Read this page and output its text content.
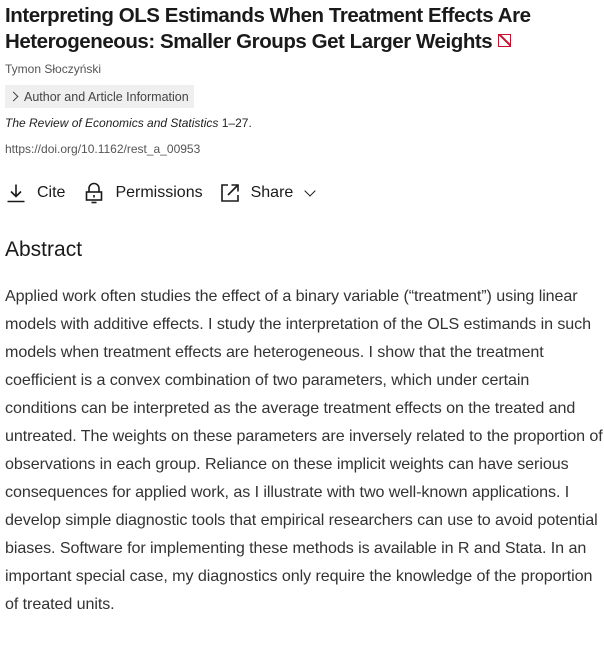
Interpreting OLS Estimands When Treatment Effects Are Heterogeneous: Smaller Groups Get Larger Weights
Tymon Słoczyński
Author and Article Information
The Review of Economics and Statistics 1–27.
https://doi.org/10.1162/rest_a_00953
Cite	Permissions	Share
Abstract

Applied work often studies the effect of a binary variable (“treatment”) using linear models with additive effects. I study the interpretation of the OLS estimands in such models when treatment effects are heterogeneous. I show that the treatment coefficient is a convex combination of two parameters, which under certain conditions can be interpreted as the average treatment effects on the treated and untreated. The weights on these parameters are inversely related to the proportion of observations in each group. Reliance on these implicit weights can have serious consequences for applied work, as I illustrate with two well-known applications. I develop simple diagnostic tools that empirical researchers can use to avoid potential biases. Software for implementing these methods is available in R and Stata. In an important special case, my diagnostics only require the knowledge of the proportion of treated units.
